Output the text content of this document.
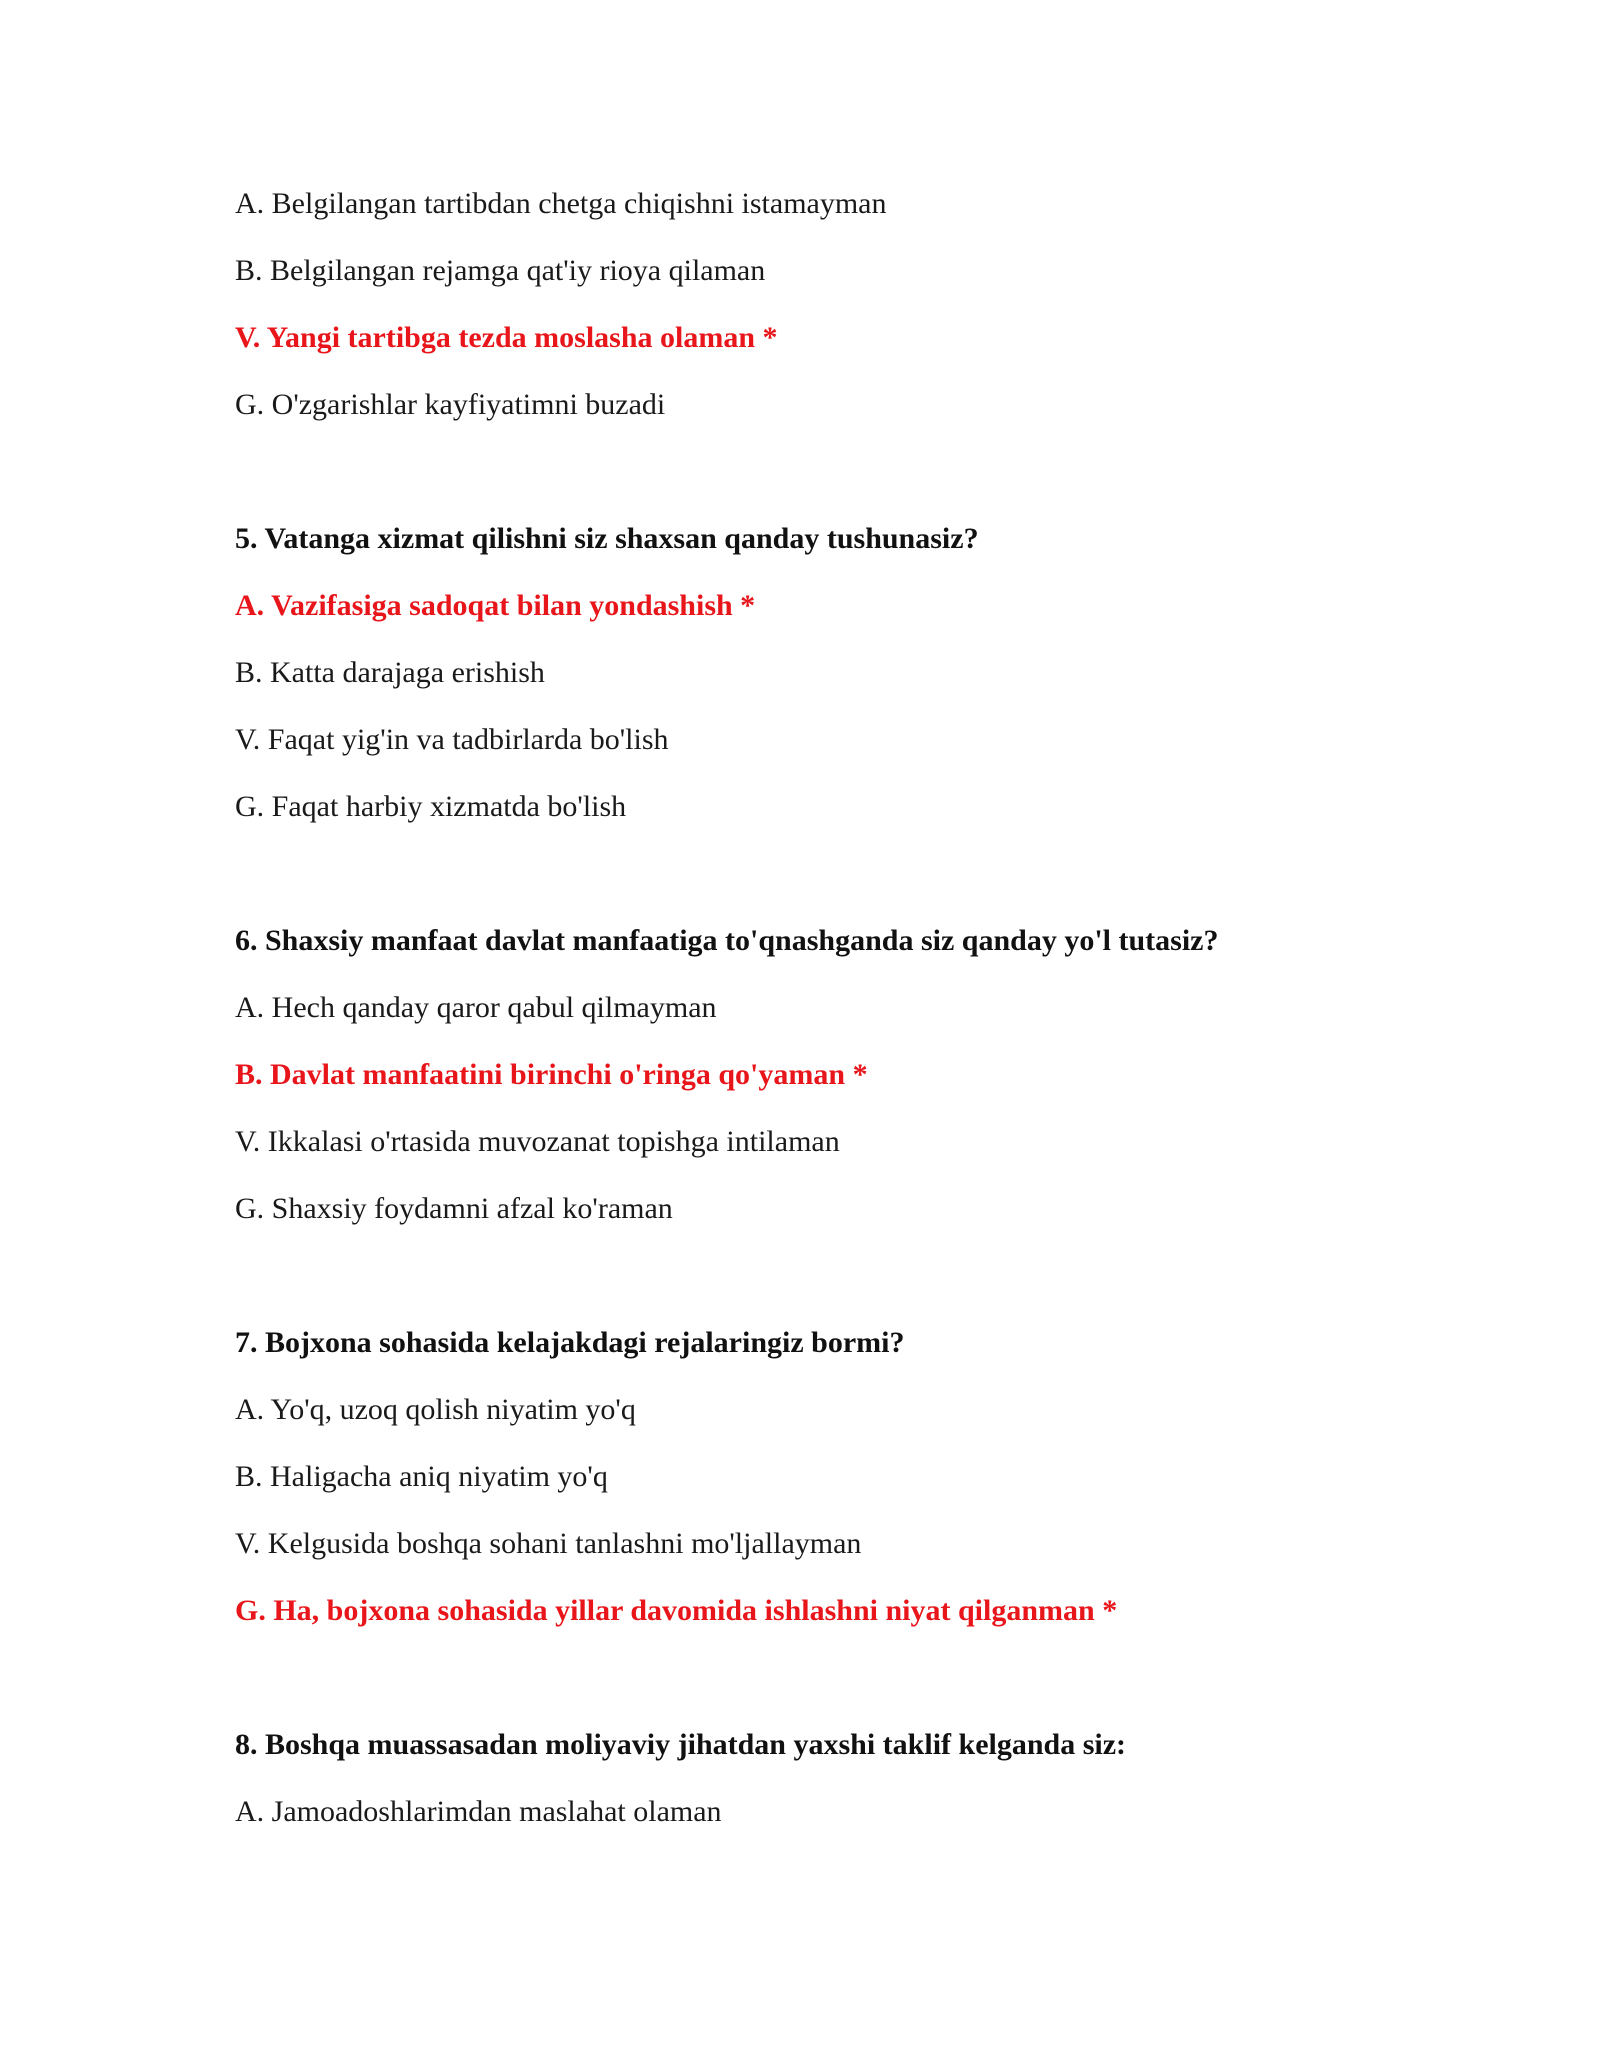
A. Belgilangan tartibdan chetga chiqishni istamayman
B. Belgilangan rejamga qat'iy rioya qilaman
V. Yangi tartibga tezda moslasha olaman *
G. O'zgarishlar kayfiyatimni buzadi
5. Vatanga xizmat qilishni siz shaxsan qanday tushunasiz?
A. Vazifasiga sadoqat bilan yondashish *
B. Katta darajaga erishish
V. Faqat yig'in va tadbirlarda bo'lish
G. Faqat harbiy xizmatda bo'lish
6. Shaxsiy manfaat davlat manfaatiga to'qnashganda siz qanday yo'l tutasiz?
A. Hech qanday qaror qabul qilmayman
B. Davlat manfaatini birinchi o'ringa qo'yaman *
V. Ikkalasi o'rtasida muvozanat topishga intilaman
G. Shaxsiy foydamni afzal ko'raman
7. Bojxona sohasida kelajakdagi rejalaringiz bormi?
A. Yo'q, uzoq qolish niyatim yo'q
B. Haligacha aniq niyatim yo'q
V. Kelgusida boshqa sohani tanlashni mo'ljallayman
G. Ha, bojxona sohasida yillar davomida ishlashni niyat qilganman *
8. Boshqa muassasadan moliyaviy jihatdan yaxshi taklif kelganda siz:
A. Jamoadoshlarimdan maslahat olaman
